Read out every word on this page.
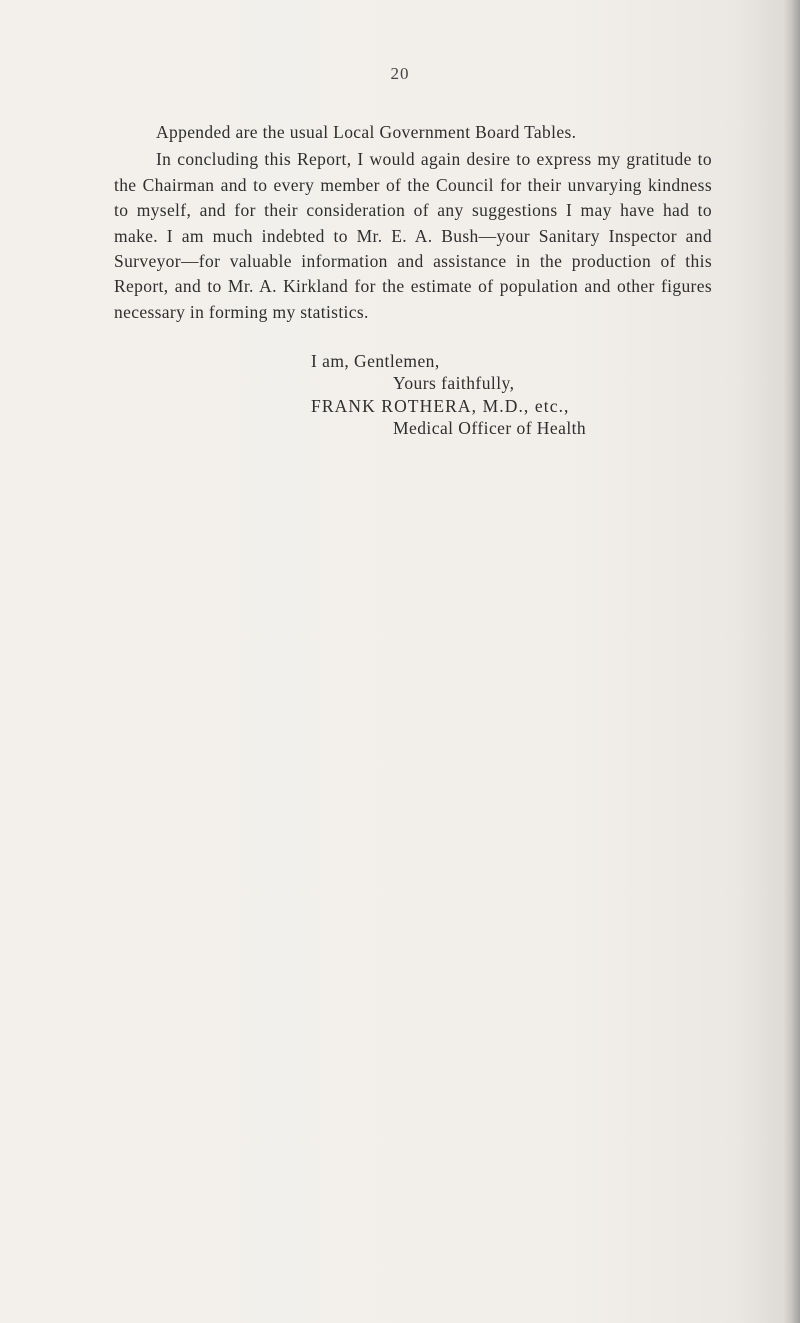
20

Appended are the usual Local Government Board Tables.

In concluding this Report, I would again desire to express my gratitude to the Chairman and to every member of the Council for their unvarying kindness to myself, and for their consideration of any suggestions I may have had to make. I am much indebted to Mr. E. A. Bush—your Sanitary Inspector and Surveyor—for valuable information and assistance in the production of this Report, and to Mr. A. Kirkland for the estimate of population and other figures necessary in forming my statistics.

I am, Gentlemen,
Yours faithfully,
FRANK ROTHERA, M.D., etc.,
Medical Officer of Health
